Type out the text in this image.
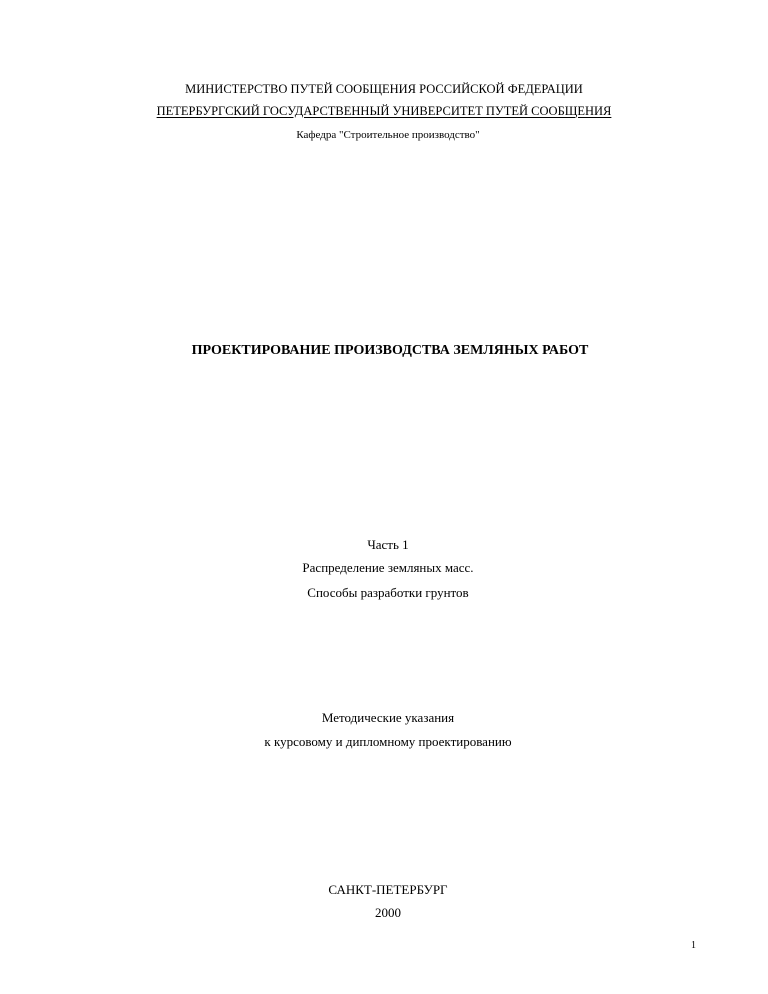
МИНИСТЕРСТВО ПУТЕЙ СООБЩЕНИЯ РОССИЙСКОЙ ФЕДЕРАЦИИ
ПЕТЕРБУРГСКИЙ ГОСУДАРСТВЕННЫЙ УНИВЕРСИТЕТ ПУТЕЙ СООБЩЕНИЯ
Кафедра "Строительное производство"
ПРОЕКТИРОВАНИЕ ПРОИЗВОДСТВА ЗЕМЛЯНЫХ РАБОТ
Часть 1
Распределение земляных масс.
Способы разработки грунтов
Методические указания
к курсовому и дипломному проектированию
САНКТ-ПЕТЕРБУРГ
2000
1
